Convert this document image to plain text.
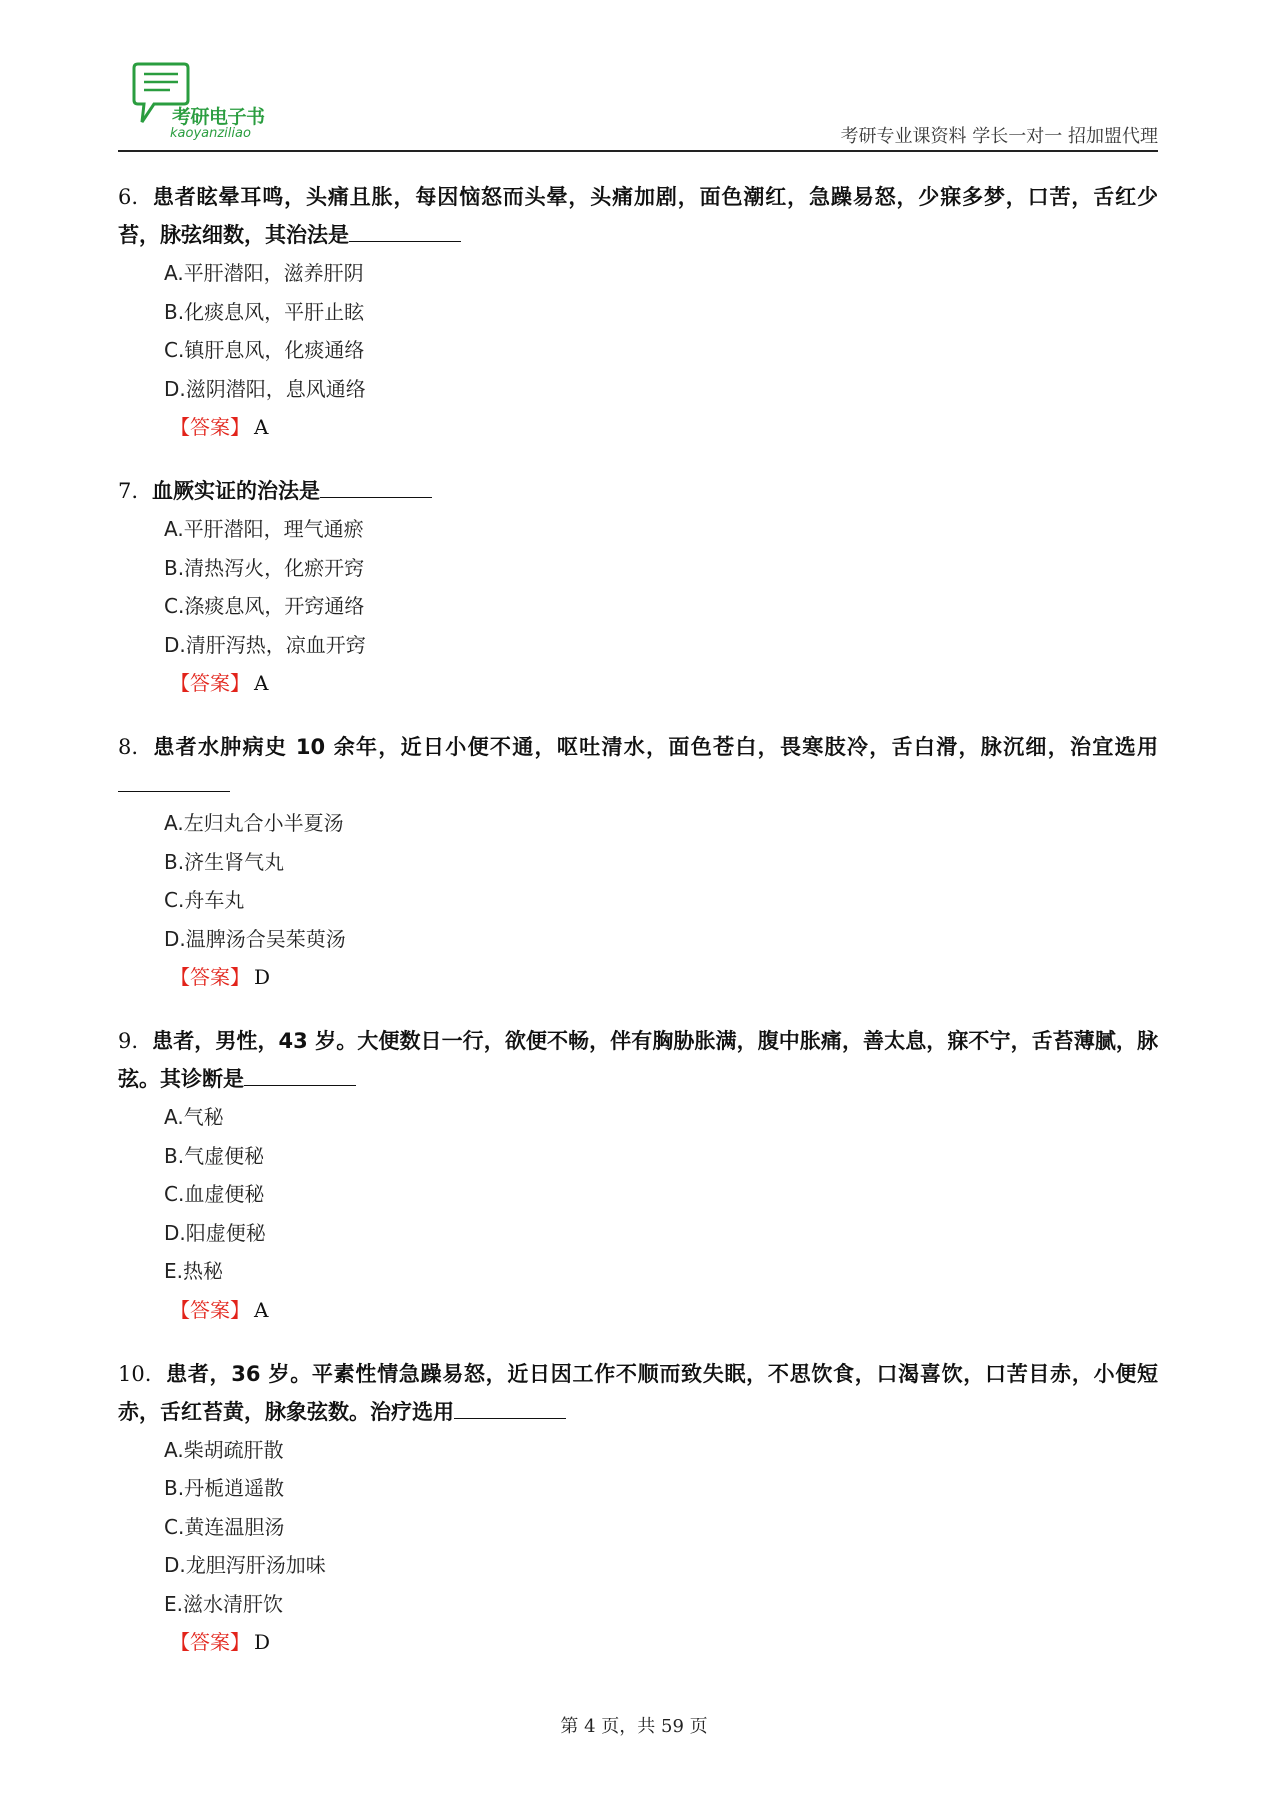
考研电子书
kaoyanziliao	考研专业课资料 学长一对一 招加盟代理

6. 患者眩晕耳鸣，头痛且胀，每因恼怒而头晕，头痛加剧，面色潮红，急躁易怒，少寐多梦，口苦，舌红少苔，脉弦细数，其治法是

A.平肝潜阳，滋养肝阴
B.化痰息风，平肝止眩
C.镇肝息风，化痰通络
D.滋阴潜阳，息风通络
【答案】 A

7. 血厥实证的治法是

A.平肝潜阳，理气通瘀
B.清热泻火，化瘀开窍
C.涤痰息风，开窍通络
D.清肝泻热，凉血开窍
【答案】 A

8. 患者水肿病史 10 余年，近日小便不通，呕吐清水，面色苍白，畏寒肢冷，舌白滑，脉沉细，治宜选用

A.左归丸合小半夏汤
B.济生肾气丸
C.舟车丸
D.温脾汤合吴茱萸汤
【答案】 D

9. 患者，男性，43 岁。大便数日一行，欲便不畅，伴有胸胁胀满，腹中胀痛，善太息，寐不宁，舌苔薄腻，脉弦。其诊断是

A.气秘
B.气虚便秘
C.血虚便秘
D.阳虚便秘
E.热秘
【答案】 A

10. 患者，36 岁。平素性情急躁易怒，近日因工作不顺而致失眠，不思饮食，口渴喜饮，口苦目赤，小便短赤，舌红苔黄，脉象弦数。治疗选用

A.柴胡疏肝散
B.丹栀逍遥散
C.黄连温胆汤
D.龙胆泻肝汤加味
E.滋水清肝饮
【答案】 D
第 4 页，共 59 页
